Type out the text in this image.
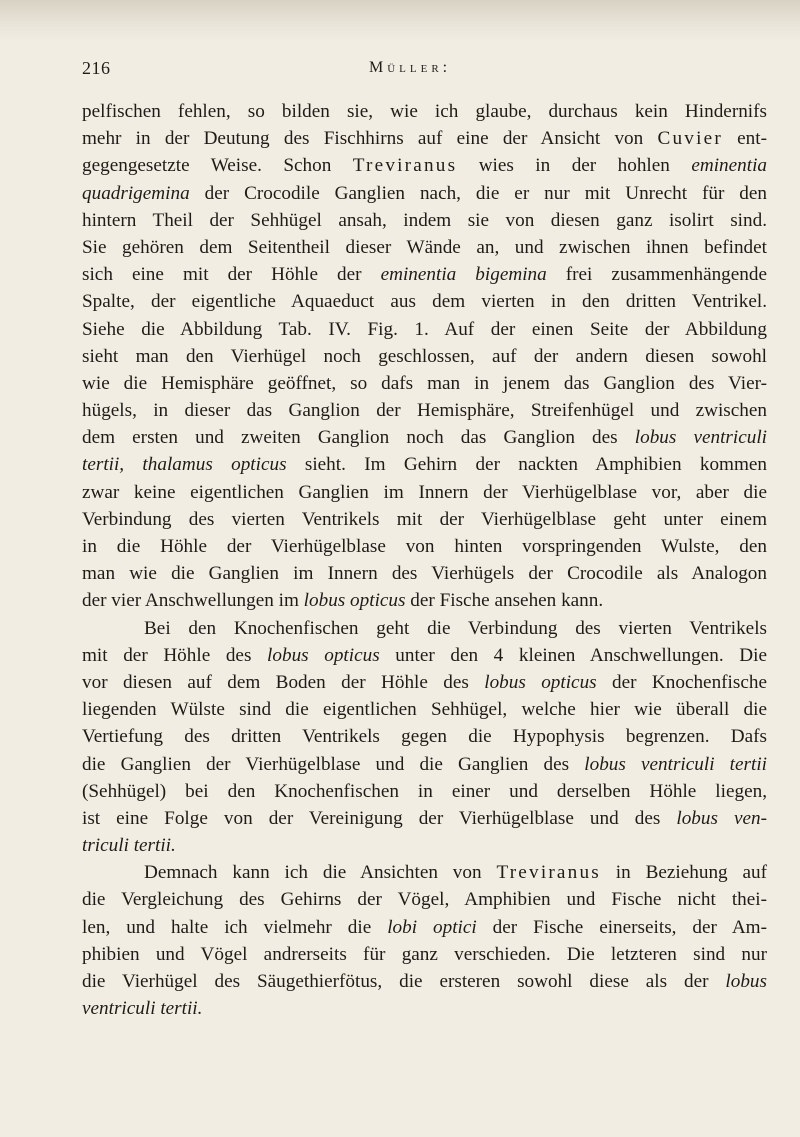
216	Müller:
pelfischen fehlen, so bilden sie, wie ich glaube, durchaus kein Hindernifs
mehr in der Deutung des Fischhirns auf eine der Ansicht von Cuvier ent-
gegengesetzte Weise. Schon Treviranus wies in der hohlen eminentia
quadrigemina der Crocodile Ganglien nach, die er nur mit Unrecht für den
hintern Theil der Sehhügel ansah, indem sie von diesen ganz isolirt sind.
Sie gehören dem Seitentheil dieser Wände an, und zwischen ihnen befindet
sich eine mit der Höhle der eminentia bigemina frei zusammenhängende
Spalte, der eigentliche Aquaeduct aus dem vierten in den dritten Ventrikel.
Siehe die Abbildung Tab. IV. Fig. 1. Auf der einen Seite der Abbildung
sieht man den Vierhügel noch geschlossen, auf der andern diesen sowohl
wie die Hemisphäre geöffnet, so dafs man in jenem das Ganglion des Vier-
hügels, in dieser das Ganglion der Hemisphäre, Streifenhügel und zwischen
dem ersten und zweiten Ganglion noch das Ganglion des lobus ventriculi
tertii, thalamus opticus sieht. Im Gehirn der nackten Amphibien kommen
zwar keine eigentlichen Ganglien im Innern der Vierhügelblase vor, aber die
Verbindung des vierten Ventrikels mit der Vierhügelblase geht unter einem
in die Höhle der Vierhügelblase von hinten vorspringenden Wulste, den
man wie die Ganglien im Innern des Vierhügels der Crocodile als Analogon
der vier Anschwellungen im lobus opticus der Fische ansehen kann.
Bei den Knochenfischen geht die Verbindung des vierten Ventrikels
mit der Höhle des lobus opticus unter den 4 kleinen Anschwellungen. Die
vor diesen auf dem Boden der Höhle des lobus opticus der Knochenfische
liegenden Wülste sind die eigentlichen Sehhügel, welche hier wie überall die
Vertiefung des dritten Ventrikels gegen die Hypophysis begrenzen. Dafs
die Ganglien der Vierhügelblase und die Ganglien des lobus ventriculi tertii
(Sehhügel) bei den Knochenfischen in einer und derselben Höhle liegen,
ist eine Folge von der Vereinigung der Vierhügelblase und des lobus ven-
triculi tertii.
Demnach kann ich die Ansichten von Treviranus in Beziehung auf
die Vergleichung des Gehirns der Vögel, Amphibien und Fische nicht thei-
len, und halte ich vielmehr die lobi optici der Fische einerseits, der Am-
phibien und Vögel andrerseits für ganz verschieden. Die letzteren sind nur
die Vierhügel des Säugethierfötus, die ersteren sowohl diese als der lobus
ventriculi tertii.
